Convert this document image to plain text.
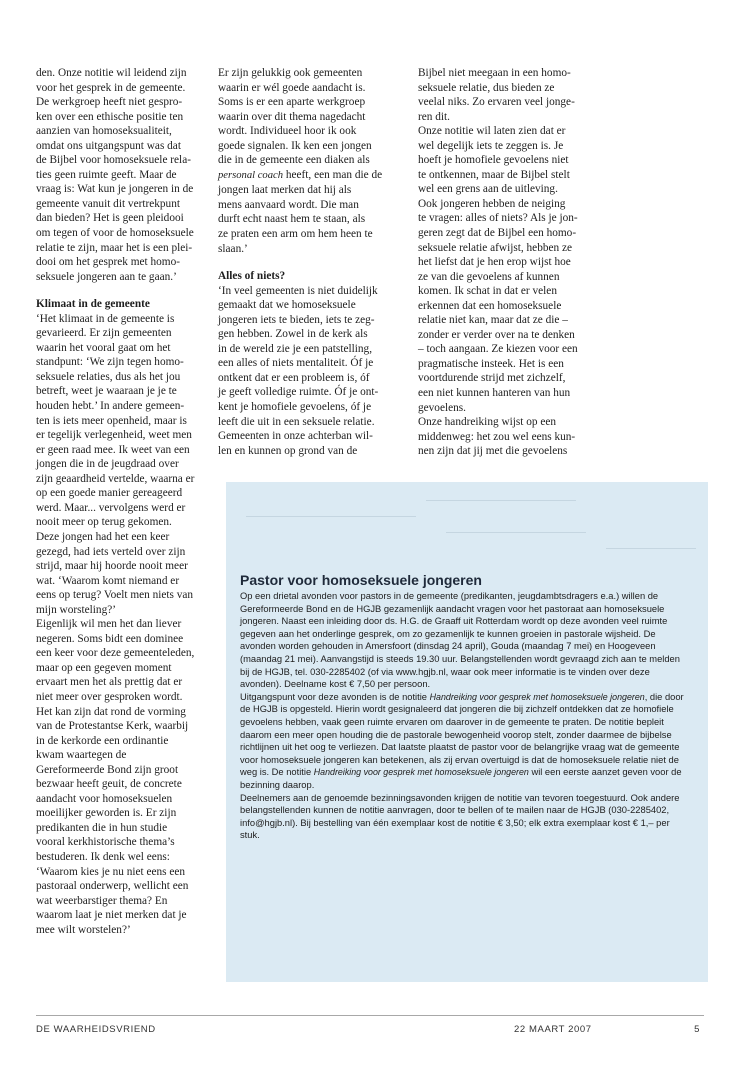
den. Onze notitie wil leidend zijn
voor het gesprek in de gemeente.
De werkgroep heeft niet gespro-
ken over een ethische positie ten
aanzien van homoseksualiteit,
omdat ons uitgangspunt was dat
de Bijbel voor homoseksuele rela-
ties geen ruimte geeft. Maar de
vraag is: Wat kun je jongeren in de
gemeente vanuit dit vertrekpunt
dan bieden? Het is geen pleidooi
om tegen of voor de homoseksuele
relatie te zijn, maar het is een plei-
dooi om het gesprek met homo-
seksuele jongeren aan te gaan.’

Klimaat in de gemeente

‘Het klimaat in de gemeente is
gevarieerd. Er zijn gemeenten
waarin het vooral gaat om het
standpunt: ‘We zijn tegen homo-
seksuele relaties, dus als het jou
betreft, weet je waaraan je je te
houden hebt.’ In andere gemeen-
ten is iets meer openheid, maar is
er tegelijk verlegenheid, weet men
er geen raad mee. Ik weet van een
jongen die in de jeugdraad over
zijn geaardheid vertelde, waarna er
op een goede manier gereageerd
werd. Maar... vervolgens werd er
nooit meer op terug gekomen.
Deze jongen had het een keer
gezegd, had iets verteld over zijn
strijd, maar hij hoorde nooit meer
wat. ‘Waarom komt niemand er
eens op terug? Voelt men niets van
mijn worsteling?’
Eigenlijk wil men het dan liever
negeren. Soms bidt een dominee
een keer voor deze gemeenteleden,
maar op een gegeven moment
ervaart men het als prettig dat er
niet meer over gesproken wordt.
Het kan zijn dat rond de vorming
van de Protestantse Kerk, waarbij
in de kerkorde een ordinantie
kwam waartegen de
Gereformeerde Bond zijn groot
bezwaar heeft geuit, de concrete
aandacht voor homoseksuelen
moeilijker geworden is. Er zijn
predikanten die in hun studie
vooral kerkhistorische thema’s
bestuderen. Ik denk wel eens:
‘Waarom kies je nu niet eens een
pastoraal onderwerp, wellicht een
wat weerbarstiger thema? En
waarom laat je niet merken dat je
mee wilt worstelen?’
Er zijn gelukkig ook gemeenten
waarin er wél goede aandacht is.
Soms is er een aparte werkgroep
waarin over dit thema nagedacht
wordt. Individueel hoor ik ook
goede signalen. Ik ken een jongen
die in de gemeente een diaken als
personal coach heeft, een man die de
jongen laat merken dat hij als
mens aanvaard wordt. Die man
durft echt naast hem te staan, als
ze praten een arm om hem heen te
slaan.’

Alles of niets?

‘In veel gemeenten is niet duidelijk
gemaakt dat we homoseksuele
jongeren iets te bieden, iets te zeg-
gen hebben. Zowel in de kerk als
in de wereld zie je een patstelling,
een alles of niets mentaliteit. Óf je
ontkent dat er een probleem is, óf
je geeft volledige ruimte. Óf je ont-
kent je homofiele gevoelens, óf je
leeft die uit in een seksuele relatie.
Gemeenten in onze achterban wil-
len en kunnen op grond van de
Bijbel niet meegaan in een homo-
seksuele relatie, dus bieden ze
veelal niks. Zo ervaren veel jonge-
ren dit.
Onze notitie wil laten zien dat er
wel degelijk iets te zeggen is. Je
hoeft je homofiele gevoelens niet
te ontkennen, maar de Bijbel stelt
wel een grens aan de uitleving.
Ook jongeren hebben de neiging
te vragen: alles of niets? Als je jon-
geren zegt dat de Bijbel een homo-
seksuele relatie afwijst, hebben ze
het liefst dat je hen erop wijst hoe
ze van die gevoelens af kunnen
komen. Ik schat in dat er velen
erkennen dat een homoseksuele
relatie niet kan, maar dat ze die –
zonder er verder over na te denken
– toch aangaan. Ze kiezen voor een
pragmatische insteek. Het is een
voortdurende strijd met zichzelf,
een niet kunnen hanteren van hun
gevoelens.
Onze handreiking wijst op een
middenweg: het zou wel eens kun-
nen zijn dat jij met die gevoelens
Pastor voor homoseksuele jongeren

Op een drietal avonden voor pastors in de gemeente (predikanten, jeugdambtsdragers e.a.) willen de Gereformeerde Bond en de HGJB gezamenlijk aandacht vragen voor het pastoraat aan homoseksuele jongeren. Naast een inleiding door ds. H.G. de Graaff uit Rotterdam wordt op deze avonden veel ruimte gegeven aan het onderlinge gesprek, om zo gezamenlijk te kunnen groeien in pastorale wijsheid. De avonden worden gehouden in Amersfoort (dinsdag 24 april), Gouda (maandag 7 mei) en Hoogeveen (maandag 21 mei). Aanvangstijd is steeds 19.30 uur. Belangstellenden wordt gevraagd zich aan te melden bij de HGJB, tel. 030-2285402 (of via www.hgjb.nl, waar ook meer informatie is te vinden over deze avonden). Deelname kost € 7,50 per persoon.

Uitgangspunt voor deze avonden is de notitie Handreiking voor gesprek met homoseksuele jongeren, die door de HGJB is opgesteld. Hierin wordt gesignaleerd dat jongeren die bij zichzelf ontdekken dat ze homofiele gevoelens hebben, vaak geen ruimte ervaren om daarover in de gemeente te praten. De notitie bepleit daarom een meer open houding die de pastorale bewogenheid voorop stelt, zonder daarmee de bijbelse richtlijnen uit het oog te verliezen. Dat laatste plaatst de pastor voor de belangrijke vraag wat de gemeente voor homoseksuele jongeren kan betekenen, als zij ervan overtuigd is dat de homoseksuele relatie niet de weg is. De notitie Handreiking voor gesprek met homoseksuele jongeren wil een eerste aanzet geven voor de bezinning daarop.

Deelnemers aan de genoemde bezinningsavonden krijgen de notitie van tevoren toegestuurd. Ook andere belangstellenden kunnen de notitie aanvragen, door te bellen of te mailen naar de HGJB (030-2285402, info@hgjb.nl). Bij bestelling van één exemplaar kost de notitie € 3,50; elk extra exemplaar kost € 1,– per stuk.

DE WAARHEIDSVRIEND	22 MAART 2007	5
